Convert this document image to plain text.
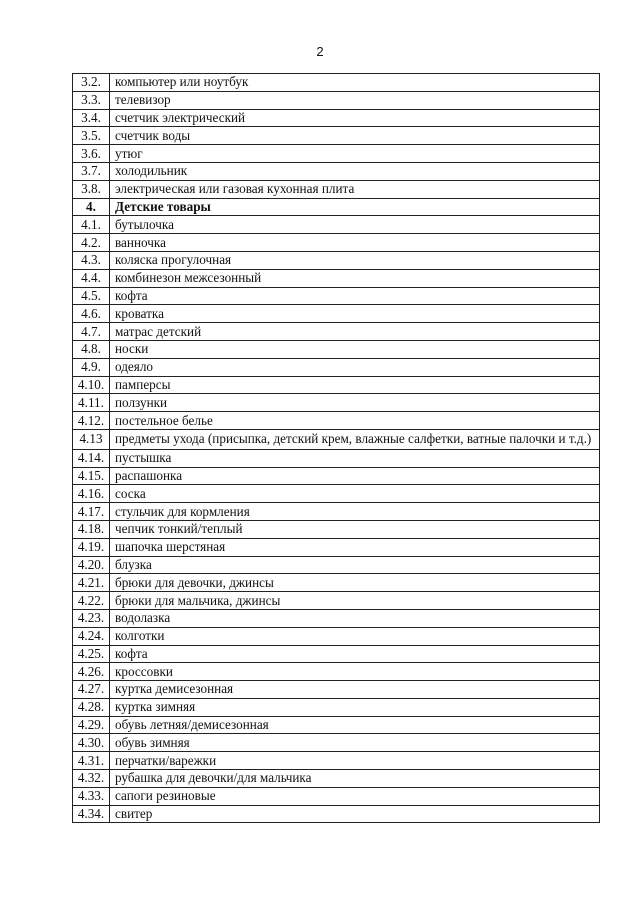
2
3.2.	компьютер или ноутбук
3.3.	телевизор
3.4.	счетчик электрический
3.5.	счетчик воды
3.6.	утюг
3.7.	холодильник
3.8.	электрическая или газовая кухонная плита
4.	Детские товары
4.1.	бутылочка
4.2.	ванночка
4.3.	коляска прогулочная
4.4.	комбинезон межсезонный
4.5.	кофта
4.6.	кроватка
4.7.	матрас детский
4.8.	носки
4.9.	одеяло
4.10.	памперсы
4.11.	ползунки
4.12.	постельное белье
4.13	предметы ухода (присыпка, детский крем, влажные салфетки, ватные палочки и т.д.)
4.14.	пустышка
4.15.	распашонка
4.16.	соска
4.17.	стульчик для кормления
4.18.	чепчик тонкий/теплый
4.19.	шапочка шерстяная
4.20.	блузка
4.21.	брюки для девочки, джинсы
4.22.	брюки для мальчика, джинсы
4.23.	водолазка
4.24.	колготки
4.25.	кофта
4.26.	кроссовки
4.27.	куртка демисезонная
4.28.	куртка зимняя
4.29.	обувь летняя/демисезонная
4.30.	обувь зимняя
4.31.	перчатки/варежки
4.32.	рубашка для девочки/для мальчика
4.33.	сапоги резиновые
4.34.	свитер
